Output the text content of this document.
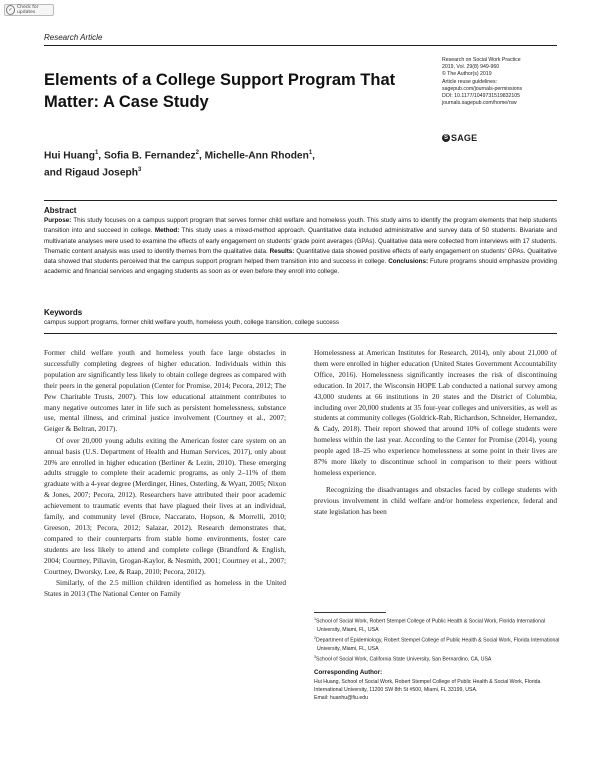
✓ Check for updates
Research Article
Elements of a College Support Program That Matter: A Case Study
Research on Social Work Practice
2019, Vol. 29(8) 949-960
© The Author(s) 2019
Article reuse guidelines:
sagepub.com/journals-permissions
DOI: 10.1177/1049731519832105
journals.sagepub.com/home/rsw
S SAGE
Hui Huang$^1$, Sofia B. Fernandez$^2$, Michelle-Ann Rhoden$^1$,
and Rigaud Joseph$^3$
Abstract
Purpose: This study focuses on a campus support program that serves former child welfare and homeless youth. This study aims to identify the program elements that help students transition into and succeed in college. Method: This study uses a mixed-method approach. Quantitative data included administrative and survey data of 50 students. Bivariate and multivariate analyses were used to examine the effects of early engagement on students' grade point averages (GPAs). Qualitative data were collected from interviews with 17 students. Thematic content analysis was used to identify themes from the qualitative data. Results: Quantitative data showed positive effects of early engagement on students' GPAs. Qualitative data showed that students perceived that the campus support program helped them transition into and success in college. Conclusions: Future programs should emphasize providing academic and financial services and engaging students as soon as or even before they enroll into college.
Keywords
campus support programs, former child welfare youth, homeless youth, college transition, college success

Former child welfare youth and homeless youth face large obstacles in successfully completing degrees of higher education. Individuals within this population are significantly less likely to obtain college degrees as compared with their peers in the general population (Center for Promise, 2014; Pecora, 2012; The Pew Charitable Trusts, 2007). This low educational attainment contributes to many negative outcomes later in life such as persistent homelessness, substance use, mental illness, and criminal justice involvement (Courtney et al., 2007; Geiger & Beltran, 2017).

Of over 20,000 young adults exiting the American foster care system on an annual basis (U.S. Department of Health and Human Services, 2017), only about 20% are enrolled in higher education (Berliner & Lezin, 2010). These emerging adults struggle to complete their academic programs, as only 2–11% of them graduate with a 4-year degree (Merdinger, Hines, Osterling, & Wyatt, 2005; Nixon & Jones, 2007; Pecora, 2012). Researchers have attributed their poor academic achievement to traumatic events that have plagued their lives at an individual, family, and community level (Bruce, Naccarato, Hopson, & Morrelli, 2010; Greeson, 2013; Pecora, 2012; Salazar, 2012). Research demonstrates that, compared to their counterparts from stable home environments, foster care students are less likely to attend and complete college (Brandford & English, 2004; Courtney, Piliavin, Grogan-Kaylor, & Nesmith, 2001; Courtney et al., 2007; Courtney, Dworsky, Lee, & Raap, 2010; Pecora, 2012).

Similarly, of the 2.5 million children identified as homeless in the United States in 2013 (The National Center on Family

Homelessness at American Institutes for Research, 2014), only about 21,000 of them were enrolled in higher education (United States Government Accountability Office, 2016). Homelessness significantly increases the risk of discontinuing education. In 2017, the Wisconsin HOPE Lab conducted a national survey among 43,000 students at 66 institutions in 20 states and the District of Columbia, including over 20,000 students at 35 four-year colleges and universities, as well as students at community colleges (Goldrick-Rab, Richardson, Schneider, Hernandez, & Cady, 2018). Their report showed that around 10% of college students were homeless within the last year. According to the Center for Promise (2014), young people aged 18–25 who experience homelessness at some point in their lives are 87% more likely to discontinue school in comparison to their peers without homeless experience.

Recognizing the disadvantages and obstacles faced by college students with previous involvement in child welfare and/or homeless experience, federal and state legislation has been

$^1$School of Social Work, Robert Stempel College of Public Health & Social Work, Florida International University, Miami, FL, USA
$^2$Department of Epidemiology, Robert Stempel College of Public Health & Social Work, Florida International University, Miami, FL, USA
$^3$School of Social Work, California State University, San Bernardino, CA, USA
Corresponding Author:
Hui Huang, School of Social Work, Robert Stempel College of Public Health & Social Work, Florida International University, 11200 SW 8th St #500, Miami, FL 33199, USA.
Email: huanhu@fiu.edu
